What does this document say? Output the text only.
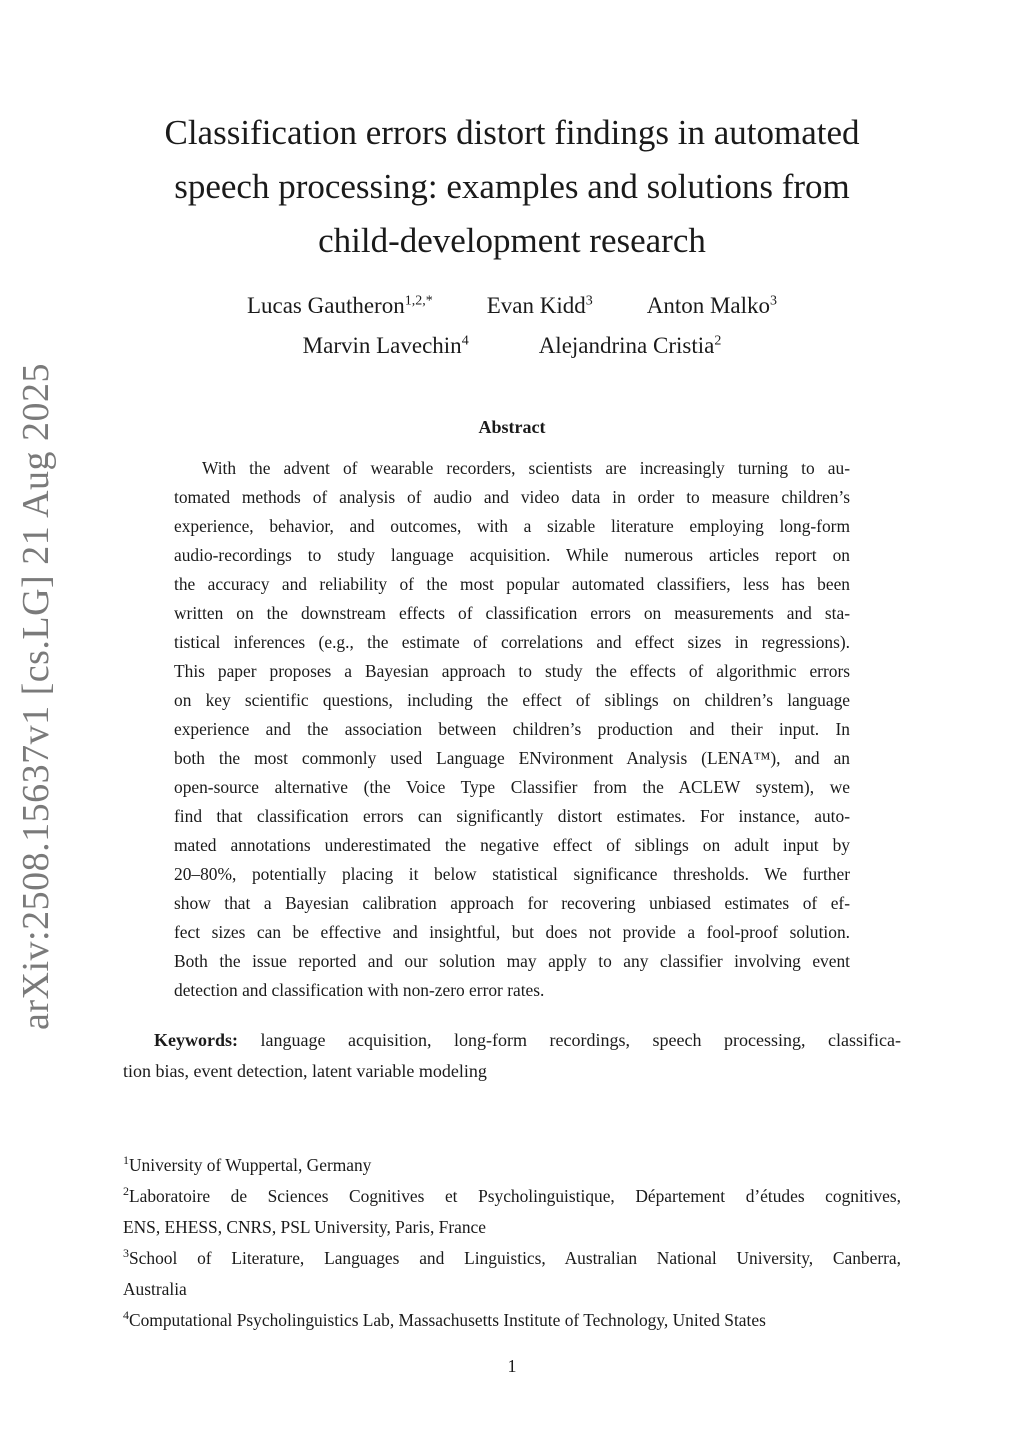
arXiv:2508.15637v1 [cs.LG] 21 Aug 2025
Classification errors distort findings in automated
speech processing: examples and solutions from
child-development research
Lucas Gautheron$^{1,2,*}$ Evan Kidd$^3$ Anton Malko$^3$
Marvin Lavechin$^4$	Alejandrina Cristia$^2$
Abstract
With the advent of wearable recorders, scientists are increasingly turning to au-
tomated methods of analysis of audio and video data in order to measure children’s
experience, behavior, and outcomes, with a sizable literature employing long-form
audio-recordings to study language acquisition. While numerous articles report on
the accuracy and reliability of the most popular automated classifiers, less has been
written on the downstream effects of classification errors on measurements and sta-
tistical inferences (e.g., the estimate of correlations and effect sizes in regressions).
This paper proposes a Bayesian approach to study the effects of algorithmic errors
on key scientific questions, including the effect of siblings on children’s language
experience and the association between children’s production and their input. In
both the most commonly used Language ENvironment Analysis (LENA™), and an
open-source alternative (the Voice Type Classifier from the ACLEW system), we
find that classification errors can significantly distort estimates. For instance, auto-
mated annotations underestimated the negative effect of siblings on adult input by
20–80%, potentially placing it below statistical significance thresholds. We further
show that a Bayesian calibration approach for recovering unbiased estimates of ef-
fect sizes can be effective and insightful, but does not provide a fool-proof solution.
Both the issue reported and our solution may apply to any classifier involving event
detection and classification with non-zero error rates.
Keywords: language acquisition, long-form recordings, speech processing, classifica-
tion bias, event detection, latent variable modeling
$^1$University of Wuppertal, Germany
$^2$Laboratoire de Sciences Cognitives et Psycholinguistique, Département d’études cognitives,
ENS, EHESS, CNRS, PSL University, Paris, France
$^3$School of Literature, Languages and Linguistics, Australian National University, Canberra,
Australia
$^4$Computational Psycholinguistics Lab, Massachusetts Institute of Technology, United States
1
